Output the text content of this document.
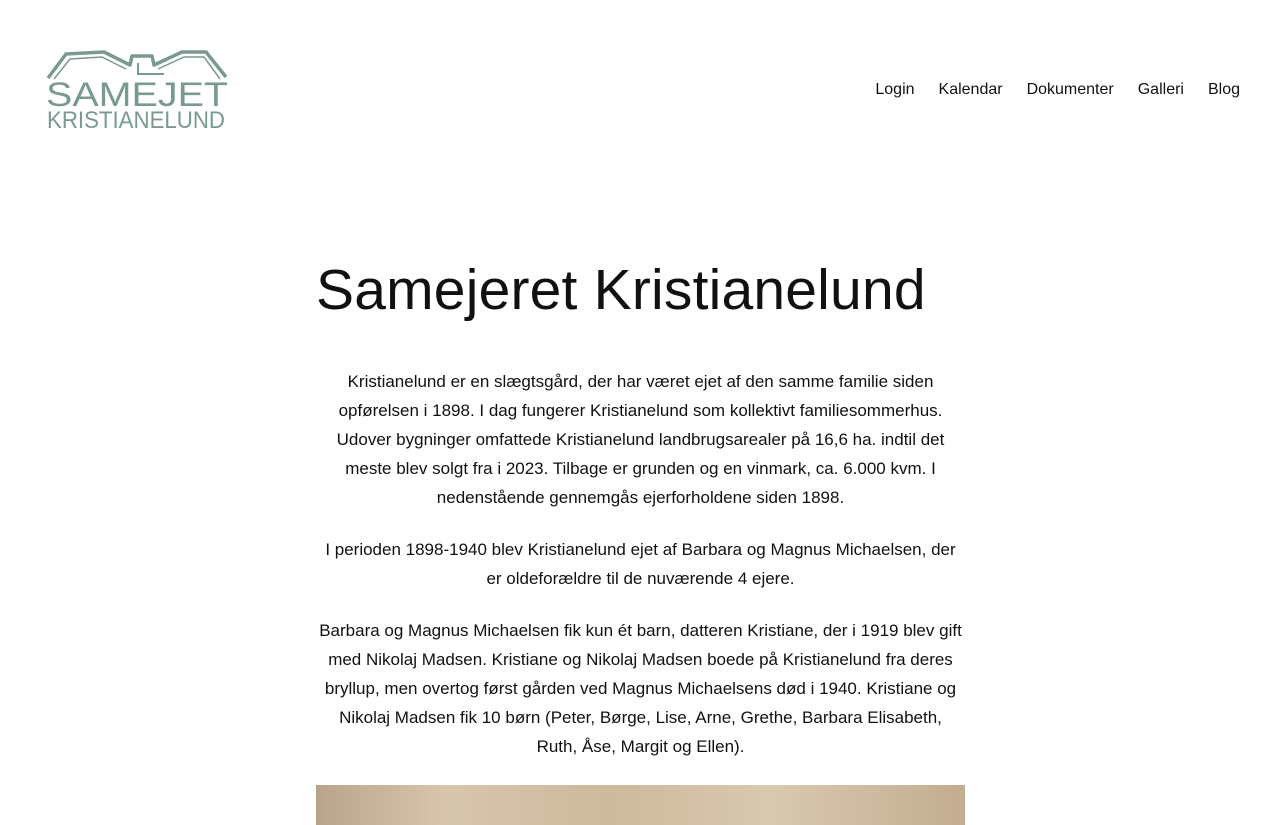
SAMEJET
KRISTIANELUND
Login Kalendar Dokumenter Galleri Blog
Samejeret Kristianelund

Kristianelund er en slægtsgård, der har været ejet af den samme familie siden opførelsen i 1898. I dag fungerer Kristianelund som kollektivt familiesommerhus. Udover bygninger omfattede Kristianelund landbrugsarealer på 16,6 ha. indtil det meste blev solgt fra i 2023. Tilbage er grunden og en vinmark, ca. 6.000 kvm. I nedenstående gennemgås ejerforholdene siden 1898.

I perioden 1898-1940 blev Kristianelund ejet af Barbara og Magnus Michaelsen, der er oldeforældre til de nuværende 4 ejere.

Barbara og Magnus Michaelsen fik kun ét barn, datteren Kristiane, der i 1919 blev gift med Nikolaj Madsen. Kristiane og Nikolaj Madsen boede på Kristianelund fra deres bryllup, men overtog først gården ved Magnus Michaelsens død i 1940. Kristiane og Nikolaj Madsen fik 10 børn (Peter, Børge, Lise, Arne, Grethe, Barbara Elisabeth, Ruth, Åse, Margit og Ellen).
